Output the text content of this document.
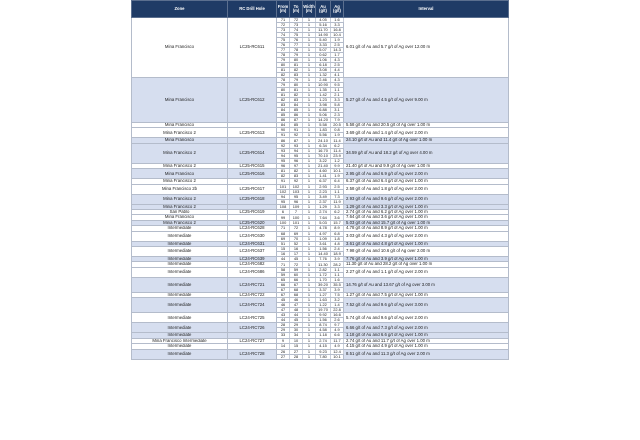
Zone	RC Drill Hole	From (m)	To (m)	Width (m)	Au (g/t)	Ag (g/t)	Interval
Mina Francisco	LC25-RC611	71	72	1	4.05	1.6	6.01 g/t of Au and 5.7 g/t of Ag over 12.00 m
		72	73	1	5.16	3.3	
		73	74	1	11.70	16.8	
		74	75	1	14.90	10.4	
		75	76	1	5.40	1.9	
		76	77	1	3.33	2.5	
		77	78	1	5.07	14.3	
		78	79	1	0.62	1.7	
		79	80	1	1.06	4.3	
		80	81	1	6.18	2.5	
		81	82	1	3.08	4.4	
		82	83	1	1.32	4.1	
Mina Francisco	LC25-RC612	78	79	1	2.46	4.3	5.27 g/t of Au and 4.5 g/t of Ag over 9.00 m
		79	80	1	10.90	9.5	
		80	81	1	1.35	1.1	
		81	82	1	1.42	2.1	
		82	83	1	1.23	3.3	
		83	84	1	3.98	5.8	
		84	85	1	6.88	3.1	
		85	86	1	5.06	2.3	
		86	87	1	14.20	7.9	
Mina Francisco		84	85	1	5.58	20.5	5.58 g/t of Au and 20.5 g/t of Ag over 1.00 m
Mina Francisco 2	LC25-RC613	90	91	1	1.83	0.8	3.69 g/t of Au and 1.4 g/t of Ag over 2.00 m
		91	92	1	5.56	1.9	
Mina Francisco		86	87	1	24.10	11.4	24.10 g/t of Au and 11.4 g/t of Ag over 1.00 m
Mina Francisco 2	LC25-RC614	92	93	1	6.34	6.2	34.59 g/t of Au and 18.2 g/t of Ag over 4.00 m
		93	94	1	16.70	11.4	
		94	95	1	70.10	23.9	
		95	96	1	3.22	1.2	
Mina Francisco 2	LC25-RC615	96	97	1	21.40	9.9	21.40 g/t of Au and 9.9 g/t of Ag over 1.00 m
Mina Francisco	LC25-RC616	81	82	1	4.60	10.1	2.95 g/t of Au and 6.9 g/t of Ag over 2.00 m
		82	83	1	1.41	1.9	
Mina Francisco 2		91	92	1	6.37	6.4	6.37 g/t of Au and 6.4 g/t of Ag over 1.00 m
Mina Francisco 2b	LC25-RC617	101	102	1	2.93	2.5	2.58 g/t of Au and 1.8 g/t of Ag over 2.00 m
		102	103	1	2.23	1.1	
Mina Francisco 2	LC25-RC618	94	95	1	3.49	7.3	2.93 g/t of Au and 9.6 g/t of Ag over 2.00 m
		95	96	1	2.37	11.9	
Mina Francisco 2		108	109	1	1.29	3.3	1.29 g/t of Au and 3.3 g/t of Ag over 1.00 m
San Pablo	LC25-RC619	6	7	1	2.74	6.2	2.74 g/t of Au and 6.2 g/t of Ag over 1.00 m
Mina Francisco		99	100	1	7.64	3.6	7.64 g/t of Au and 3.6 g/t of Ag over 1.00 m
Mina Francisco 2	LC25-RC620	100	101	1	5.03	15.7	5.03 g/t of Au and 15.7 g/t of Ag over 1.00 m
Intermediate	LC24-RC628	71	72	1	4.78	8.9	4.78 g/t of Au and 8.9 g/t of Ag over 1.00 m
Intermediate	LC24-RC630	68	69	1	4.97	6.8	3.03 g/t of Au and 4.3 g/t of Ag over 2.00 m
		69	70	1	1.09	1.8	
Intermediate	LC24-RC631	51	52	1	3.61	4.8	3.61 g/t of Au and 4.8 g/t of Ag over 1.00 m
Intermediate	LC24-RC637	15	16	1	1.56	2.4	7.98 g/t of Au and 10.6 g/t of Ag over 2.00 m
		16	17	1	14.40	18.9	
Intermediate	LC24-RC639	44	45	1	7.76	3.9	7.76 g/t of Au and 3.9 g/t of Ag over 1.00 m
Intermediate	LC24-RC682	71	72	1	11.30	28.2	11.30 g/t of Au and 28.2 g/t of Ag over 1.00 m
Intermediate	LC24-RC686	58	59	1	2.82	1.1	2.27 g/t of Au and 1.1 g/t of Ag over 2.00 m
		59	60	1	1.72	1.1	
Intermediate	LC24-RC721	65	66	1	1.70	1.6	14.76 g/t of Au and 13.67 g/t of Ag over 3.00 m
		66	67	1	39.20	35.5	
		67	68	1	3.37	3.9	
Intermediate	LC24-RC722	67	68	1	1.27	7.5	1.27 g/t of Au and 7.5 g/t of Ag over 1.00 m
Intermediate	LC24-RC724	45	46	1	1.63	3.2	7.52 g/t of Au and 9.6 g/t of Ag over 3.00 m
		46	47	1	1.22	1.4	
		47	48	1	19.70	22.8	
Intermediate	LC24-RC725	43	44	1	9.92	16.6	5.74 g/t of Au and 9.6 g/t of Ag over 2.00 m
		44	45	1	1.56	2.6	
Intermediate	LC24-RC726	28	29	1	8.74	9.7	6.66 g/t of Au and 7.3 g/t of Ag over 2.00 m
		29	30	1	4.58	4.9	
Intermediate		33	34	1	1.18	6.6	1.18 g/t of Au and 6.6 g/t of Ag over 1.00 m
Mina Francisco Intermediate	LC24-RC727	9	10	1	2.74	11.7	2.74 g/t of Au and 11.7 g/t of Ag over 1.00 m
Intermediate		14	15	1	4.15	4.9	4.15 g/t of Au and 4.9 g/t of Ag over 1.00 m
Intermediate	LC24-RC728	26	27	1	9.23	12.4	8.51 g/t of Au and 11.3 g/t of Ag over 2.00 m
		27	28	1	7.80	10.1	
